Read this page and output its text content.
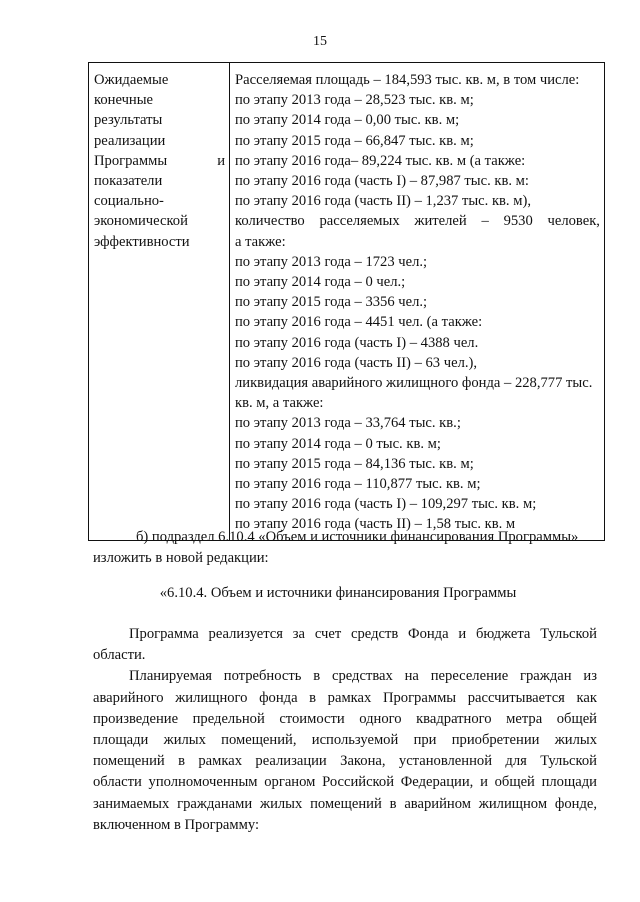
15
Ожидаемые
конечные
результаты
реализации
Программы	и
показатели
социально-
экономической
эффективности

Расселяемая площадь – 184,593 тыс. кв. м, в том числе:
по этапу 2013 года – 28,523 тыс. кв. м;
по этапу 2014 года – 0,00 тыс. кв. м;
по этапу 2015 года – 66,847 тыс. кв. м;
по этапу 2016 года– 89,224 тыс. кв. м (а также:
по этапу 2016 года (часть I) – 87,987 тыс. кв. м:
по этапу 2016 года (часть II) – 1,237 тыс. кв. м),
количество расселяемых жителей – 9530 человек,
а также:
по этапу 2013 года – 1723 чел.;
по этапу 2014 года – 0 чел.;
по этапу 2015 года – 3356 чел.;
по этапу 2016 года – 4451 чел. (а также:
по этапу 2016 года (часть I) – 4388 чел.
по этапу 2016 года (часть II) – 63 чел.),
ликвидация аварийного жилищного фонда – 228,777 тыс.
кв. м, а также:
по этапу 2013 года – 33,764 тыс. кв.;
по этапу 2014 года – 0 тыс. кв. м;
по этапу 2015 года – 84,136 тыс. кв. м;
по этапу 2016 года – 110,877 тыс. кв. м;
по этапу 2016 года (часть I) – 109,297 тыс. кв. м;
по этапу 2016 года (часть II) – 1,58 тыс. кв. м
б) подраздел 6.10.4 «Объем и источники финансирования Программы»
изложить в новой редакции:
«6.10.4. Объем и источники финансирования Программы
Программа реализуется за счет средств Фонда и бюджета Тульской
области.
Планируемая потребность в средствах на переселение граждан из
аварийного жилищного фонда в рамках Программы рассчитывается как
произведение предельной стоимости одного квадратного метра общей
площади жилых помещений, используемой при приобретении жилых
помещений в рамках реализации Закона, установленной для Тульской
области уполномоченным органом Российской Федерации, и общей площади
занимаемых гражданами жилых помещений в аварийном жилищном фонде,
включенном в Программу:
